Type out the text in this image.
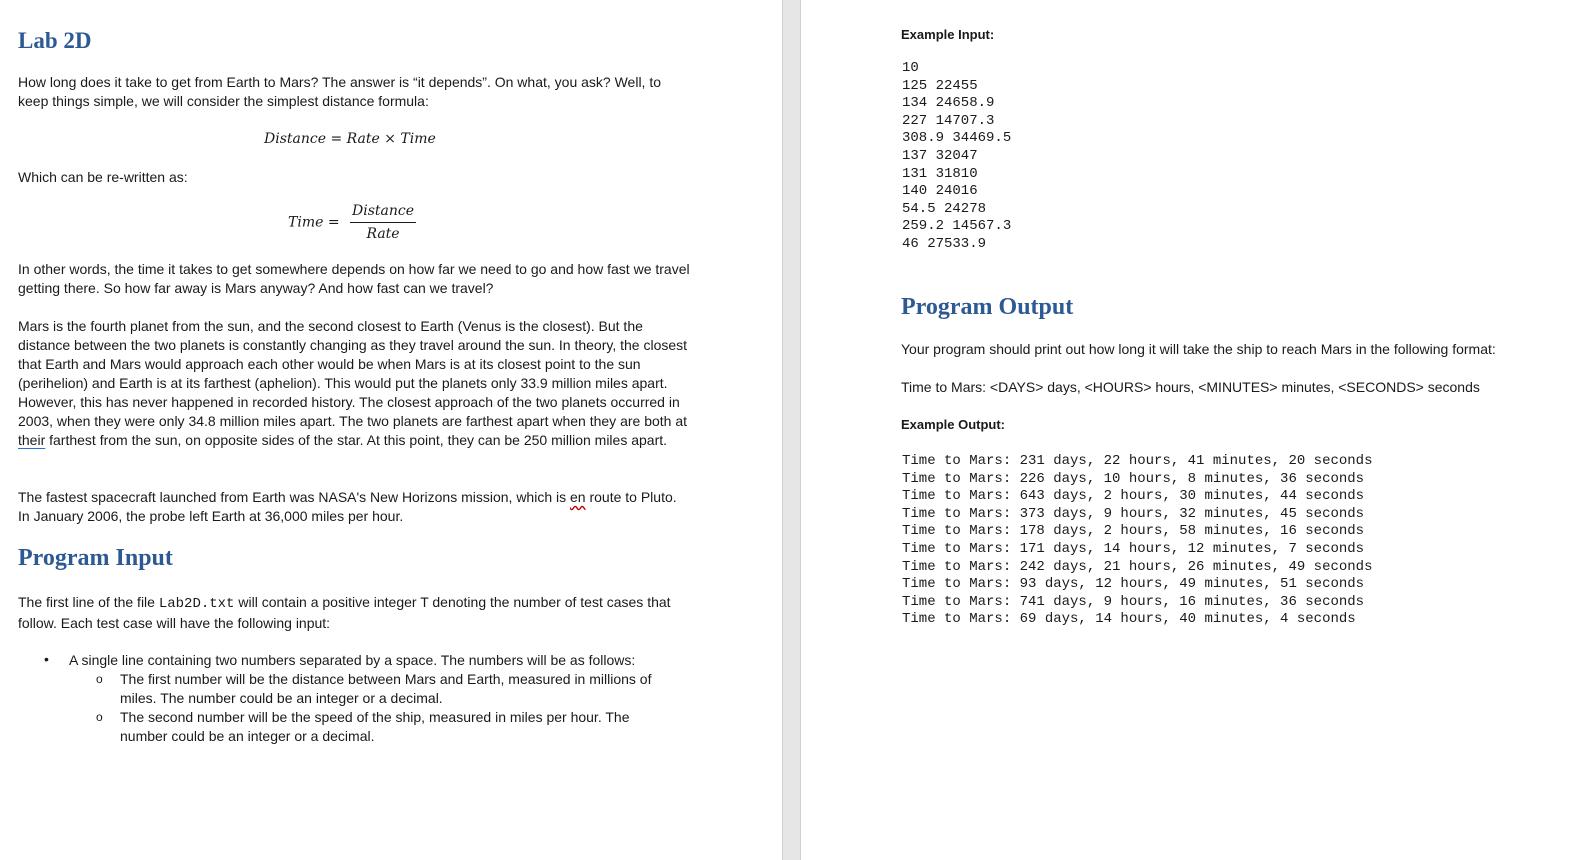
Lab 2D
How long does it take to get from Earth to Mars? The answer is “it depends”. On what, you ask? Well, to keep things simple, we will consider the simplest distance formula:
Distance = Rate × Time
Which can be re-written as:
Time = $\frac{\text{Distance}}{\text{Rate}}$
In other words, the time it takes to get somewhere depends on how far we need to go and how fast we travel getting there. So how far away is Mars anyway? And how fast can we travel?
Mars is the fourth planet from the sun, and the second closest to Earth (Venus is the closest). But the distance between the two planets is constantly changing as they travel around the sun. In theory, the closest that Earth and Mars would approach each other would be when Mars is at its closest point to the sun (perihelion) and Earth is at its farthest (aphelion). This would put the planets only 33.9 million miles apart. However, this has never happened in recorded history. The closest approach of the two planets occurred in 2003, when they were only 34.8 million miles apart. The two planets are farthest apart when they are both at their farthest from the sun, on opposite sides of the star. At this point, they can be 250 million miles apart.
The fastest spacecraft launched from Earth was NASA's New Horizons mission, which is en route to Pluto. In January 2006, the probe left Earth at 36,000 miles per hour.
Program Input
The first line of the file Lab2D.txt will contain a positive integer T denoting the number of test cases that follow. Each test case will have the following input:
• A single line containing two numbers separated by a space. The numbers will be as follows:
o The first number will be the distance between Mars and Earth, measured in millions of miles. The number could be an integer or a decimal.
o The second number will be the speed of the ship, measured in miles per hour. The number could be an integer or a decimal.
Example Input:
10
125 22455
134 24658.9
227 14707.3
308.9 34469.5
137 32047
131 31810
140 24016
54.5 24278
259.2 14567.3
46 27533.9
Program Output
Your program should print out how long it will take the ship to reach Mars in the following format:
Time to Mars: <DAYS> days, <HOURS> hours, <MINUTES> minutes, <SECONDS> seconds
Example Output:
Time to Mars: 231 days, 22 hours, 41 minutes, 20 seconds
Time to Mars: 226 days, 10 hours, 8 minutes, 36 seconds
Time to Mars: 643 days, 2 hours, 30 minutes, 44 seconds
Time to Mars: 373 days, 9 hours, 32 minutes, 45 seconds
Time to Mars: 178 days, 2 hours, 58 minutes, 16 seconds
Time to Mars: 171 days, 14 hours, 12 minutes, 7 seconds
Time to Mars: 242 days, 21 hours, 26 minutes, 49 seconds
Time to Mars: 93 days, 12 hours, 49 minutes, 51 seconds
Time to Mars: 741 days, 9 hours, 16 minutes, 36 seconds
Time to Mars: 69 days, 14 hours, 40 minutes, 4 seconds
